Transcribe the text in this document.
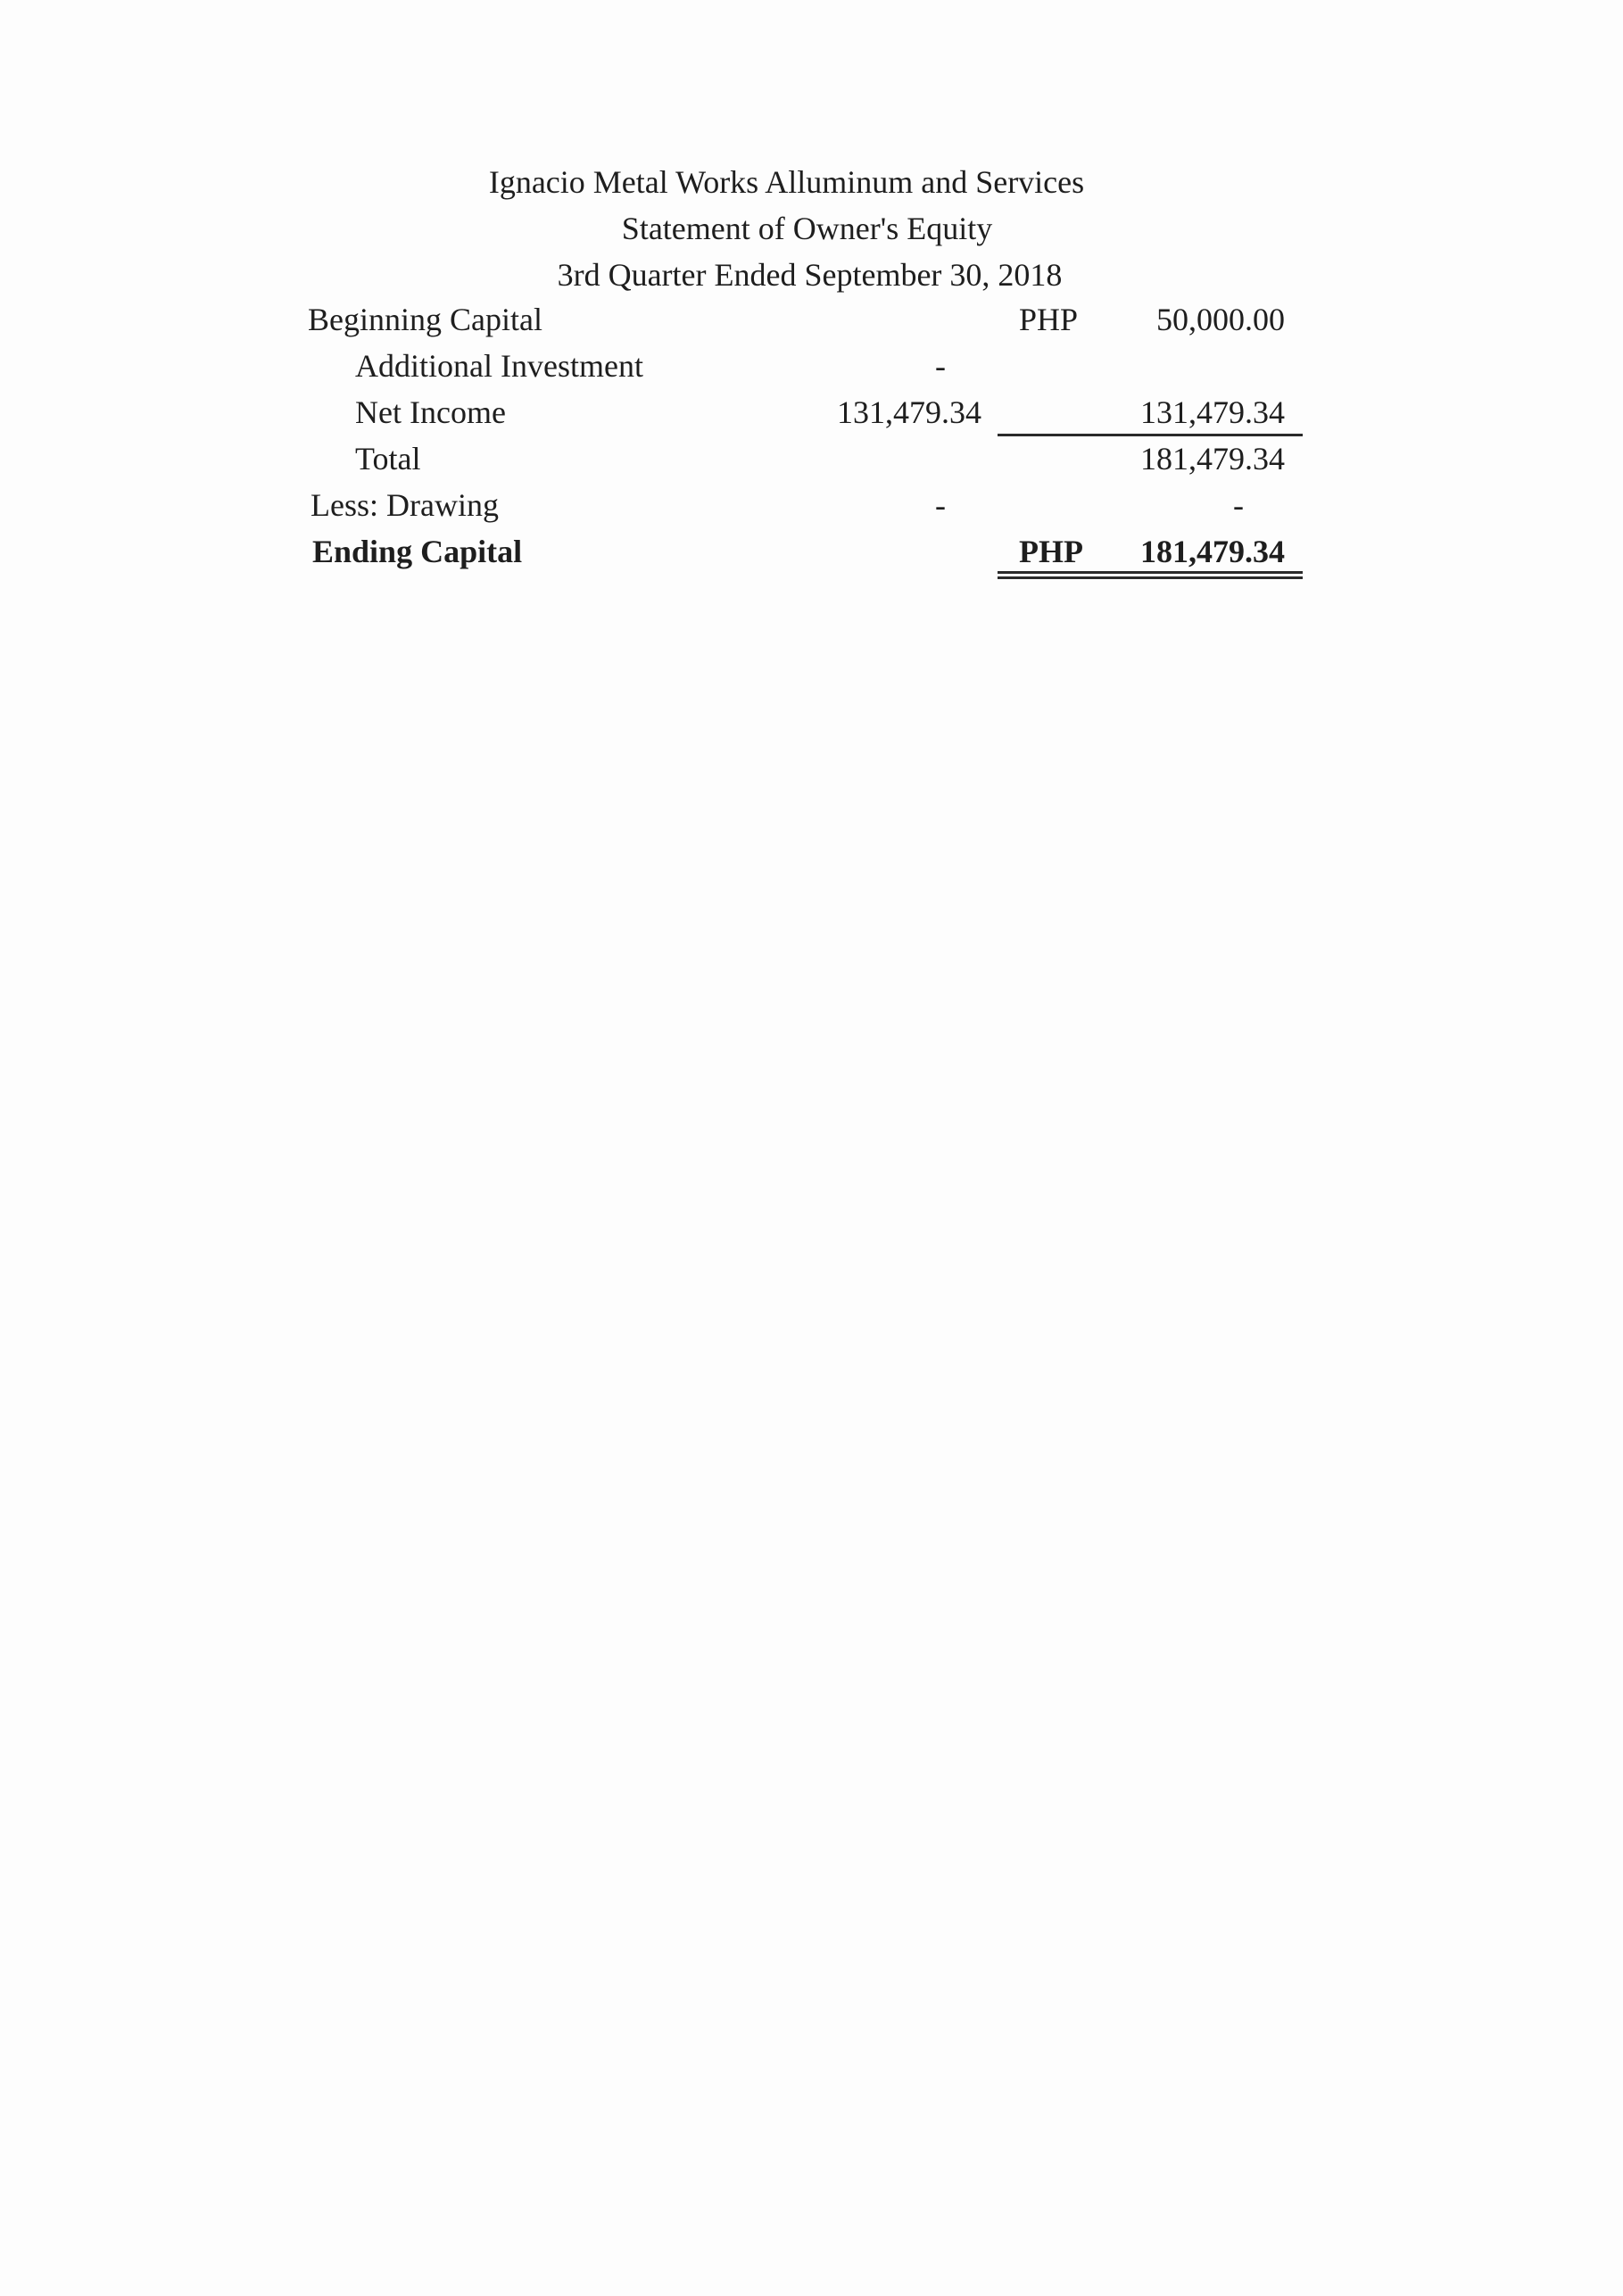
Ignacio Metal Works Alluminum and Services
Statement of Owner's Equity
3rd Quarter Ended September 30, 2018
Beginning Capital	PHP	50,000.00
Additional Investment	-
Net Income	131,479.34	131,479.34
Total	181,479.34
Less: Drawing	-	-
Ending Capital	PHP	181,479.34
